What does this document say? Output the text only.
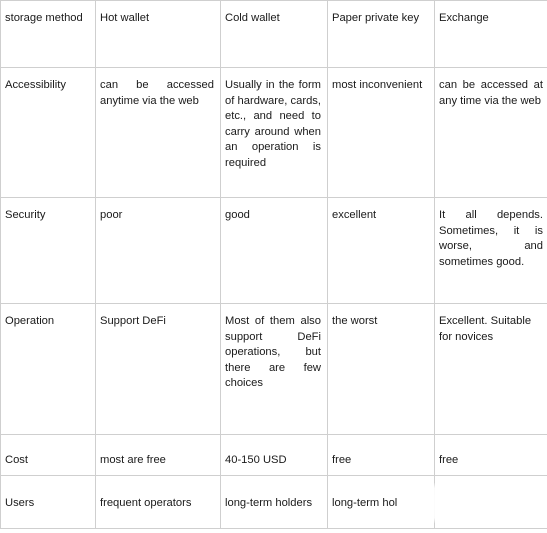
storage method	Hot wallet	Cold wallet	Paper private key	Exchange
Accessibility	can be accessed anytime via the web	Usually in the form of hardware, cards, etc., and need to carry around when an operation is required	most inconvenient	can be accessed at any time via the web
Security	poor	good	excellent	It all depends. Sometimes, it is worse, and sometimes good.
Operation	Support DeFi	Most of them also support DeFi operations, but there are few choices	the worst	Excellent. Suitable for novices
Cost	most are free	40-150 USD	free	free
Users	frequent operators	long-term holders	long-term hol	
